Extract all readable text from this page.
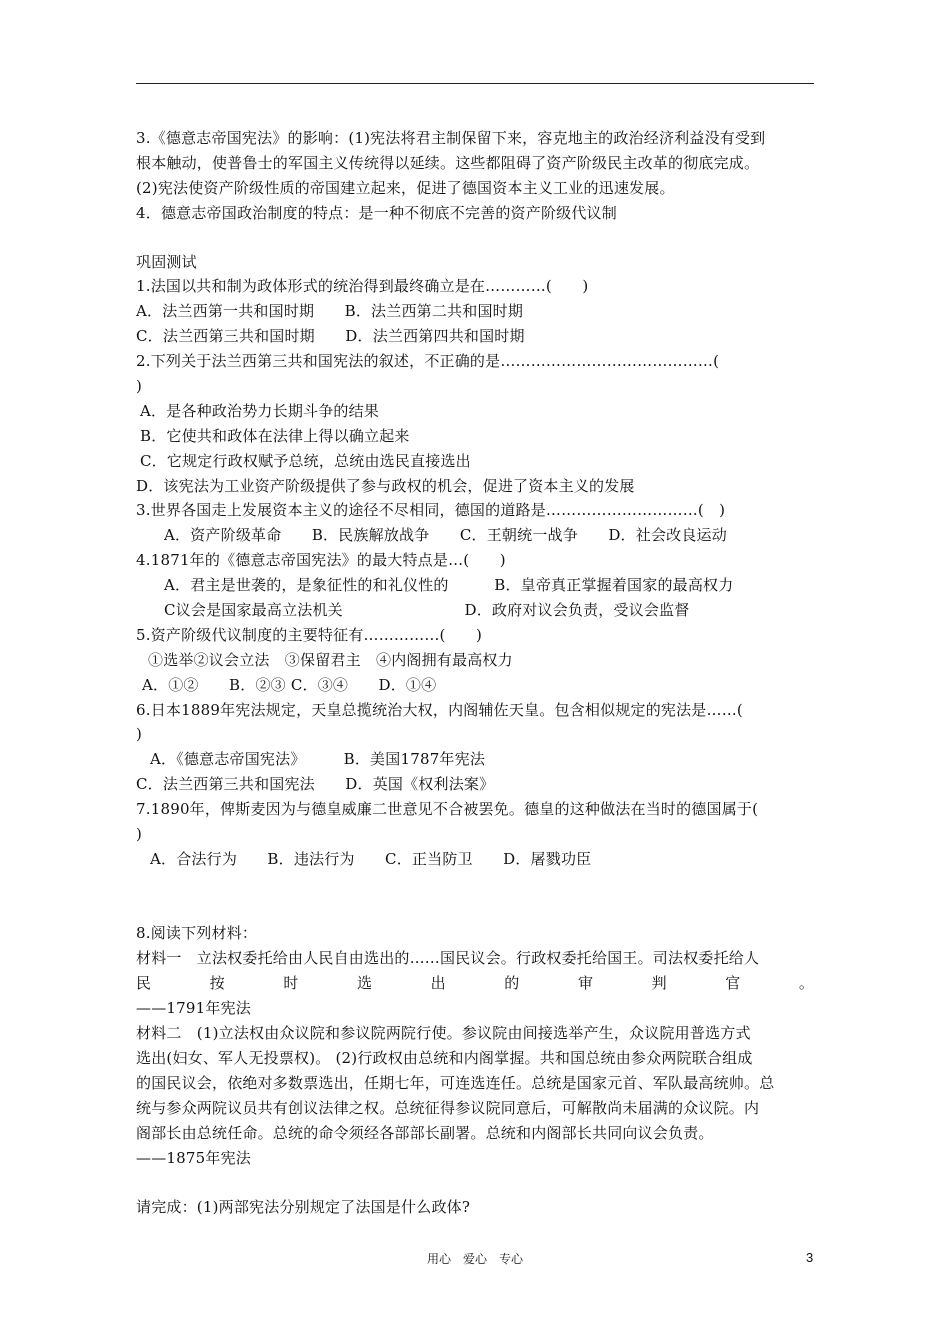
3.《德意志帝国宪法》的影响：(1)宪法将君主制保留下来，容克地主的政治经济利益没有受到
根本触动，使普鲁士的军国主义传统得以延续。这些都阻碍了资产阶级民主改革的彻底完成。
(2)宪法使资产阶级性质的帝国建立起来，促进了德国资本主义工业的迅速发展。
4．德意志帝国政治制度的特点：是一种不彻底不完善的资产阶级代议制
巩固测试
1.法国以共和制为政体形式的统治得到最终确立是在…………(　　)
A．法兰西第一共和国时期　　B．法兰西第二共和国时期
C．法兰西第三共和国时期　　D．法兰西第四共和国时期
2.下列关于法兰西第三共和国宪法的叙述，不正确的是……………………………………(
)
A．是各种政治势力长期斗争的结果
B．它使共和政体在法律上得以确立起来
C．它规定行政权赋予总统，总统由选民直接选出
D．该宪法为工业资产阶级提供了参与政权的机会，促进了资本主义的发展
3.世界各国走上发展资本主义的途径不尽相同，德国的道路是…………………………(　)
A．资产阶级革命　　B．民族解放战争　　C．王朝统一战争　　D．社会改良运动
4.1871年的《德意志帝国宪法》的最大特点是…(　　)
A．君主是世袭的，是象征性的和礼仪性的　　　B．皇帝真正掌握着国家的最高权力
C议会是国家最高立法机关　　　　　　　　D．政府对议会负责，受议会监督
5.资产阶级代议制度的主要特征有……………(　　)
①选举②议会立法　③保留君主　④内阁拥有最高权力
A．①②　　B．②③ C．③④　　D．①④
6.日本1889年宪法规定，天皇总揽统治大权，内阁辅佐天皇。包含相似规定的宪法是……(
)
A．《德意志帝国宪法》　　　B．美国1787年宪法
C．法兰西第三共和国宪法　　D．英国《权利法案》
7.1890年，俾斯麦因为与德皇威廉二世意见不合被罢免。德皇的这种做法在当时的德国属于(
)
A．合法行为　　B．违法行为　　C．正当防卫　　D．屠戮功臣
8.阅读下列材料：
材料一　立法权委托给由人民自由选出的……国民议会。行政权委托给国王。司法权委托给人
——1791年宪法
材料二　(1)立法权由众议院和参议院两院行使。参议院由间接选举产生，众议院用普选方式
选出(妇女、军人无投票权)。 (2)行政权由总统和内阁掌握。共和国总统由参众两院联合组成
的国民议会，依绝对多数票选出，任期七年，可连选连任。总统是国家元首、军队最高统帅。总
统与参众两院议员共有创议法律之权。总统征得参议院同意后，可解散尚未届满的众议院。内
阁部长由总统任命。总统的命令须经各部部长副署。总统和内阁部长共同向议会负责。
——1875年宪法
请完成：(1)两部宪法分别规定了法国是什么政体?
民	按	时	选	出	的	审	判	官	。
用心　爱心　专心	3
